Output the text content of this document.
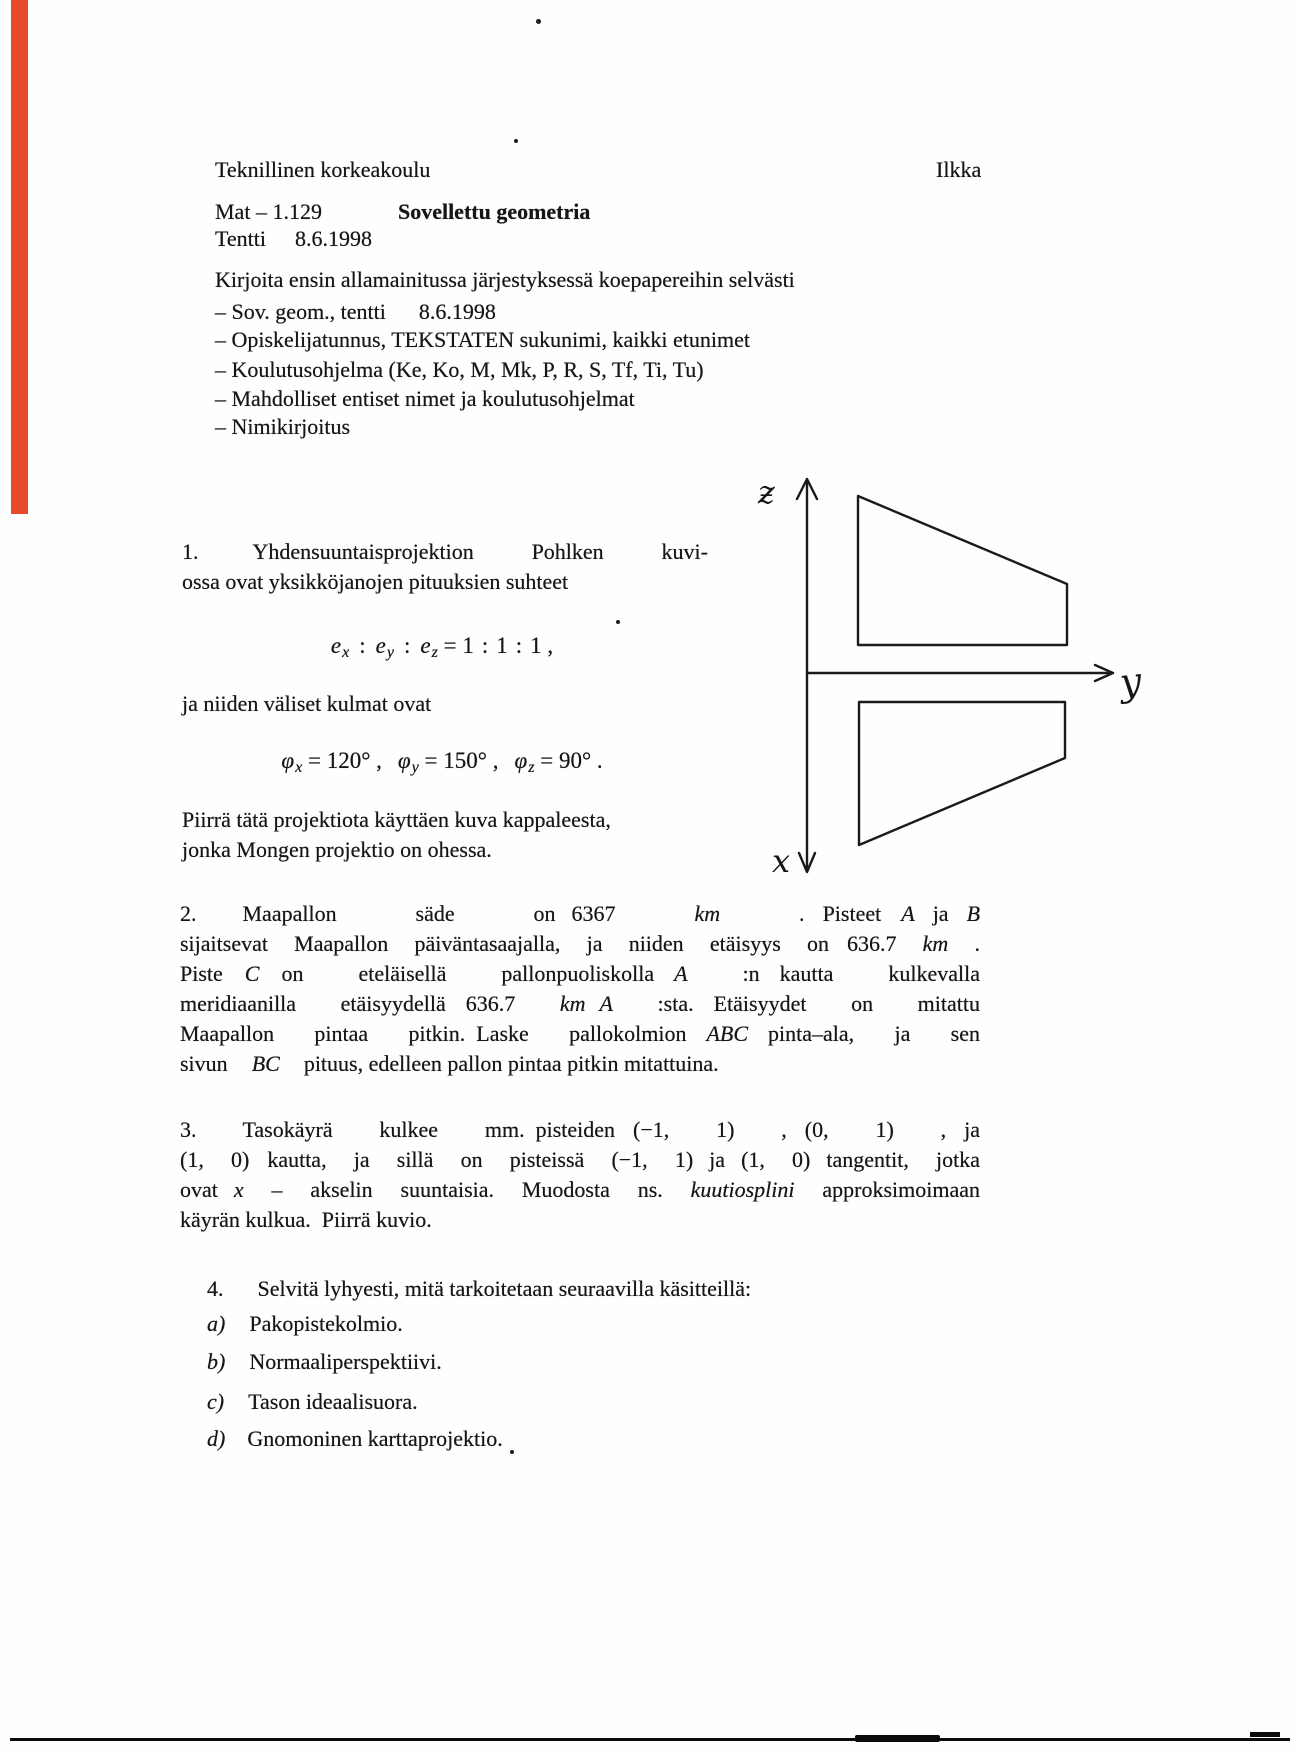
Teknillinen korkeakoulu	Ilkka
Mat – 1.129	Sovellettu geometria
Tentti 8.6.1998
Kirjoita ensin allamainitussa järjestyksessä koepapereihin selvästi
– Sov. geom., tentti  8.6.1998
– Opiskelijatunnus, TEKSTATEN sukunimi, kaikki etunimet
– Koulutusohjelma (Ke, Ko, M, Mk, P, R, S, Tf, Ti, Tu)
– Mahdolliset entiset nimet ja koulutusohjelmat
– Nimikirjoitus
1. Yhdensuuntaisprojektion Pohlken kuvi-
ossa ovat yksikköjanojen pituuksien suhteet
$e_x$ : $e_y$ : $e_z = 1$ : 1 : 1 ,
ja niiden väliset kulmat ovat
$\varphi_x = 120^\circ$ , $\varphi_y = 150^\circ$ , $\varphi_z = 90^\circ$ .
Piirrä tätä projektiota käyttäen kuva kappaleesta,
jonka Mongen projektio on ohessa.
ƶ
y
x
2. Maapallon säde on 6367 km . Pisteet A ja B
sijaitsevat Maapallon päiväntasaajalla, ja niiden etäisyys on 636.7 km .
Piste C on eteläisellä pallonpuoliskolla A :n kautta kulkevalla
meridiaanilla etäisyydellä 636.7 km A :sta. Etäisyydet on mitattu
Maapallon pintaa pitkin. Laske pallokolmion ABC pinta–ala, ja sen
sivun BC pituus, edelleen pallon pintaa pitkin mitattuina.
3. Tasokäyrä kulkee mm. pisteiden (−1, 1) , (0, 1) , ja
(1, 0) kautta, ja sillä on pisteissä (−1, 1) ja (1, 0) tangentit, jotka
ovat x – akselin suuntaisia. Muodosta ns. kuutiosplini approksimoimaan
käyrän kulkua. Piirrä kuvio.
4. Selvitä lyhyesti, mitä tarkoitetaan seuraavilla käsitteillä:
a) Pakopistekolmio.
b) Normaaliperspektiivi.
c) Tason ideaalisuora.
d) Gnomoninen karttaprojektio.
